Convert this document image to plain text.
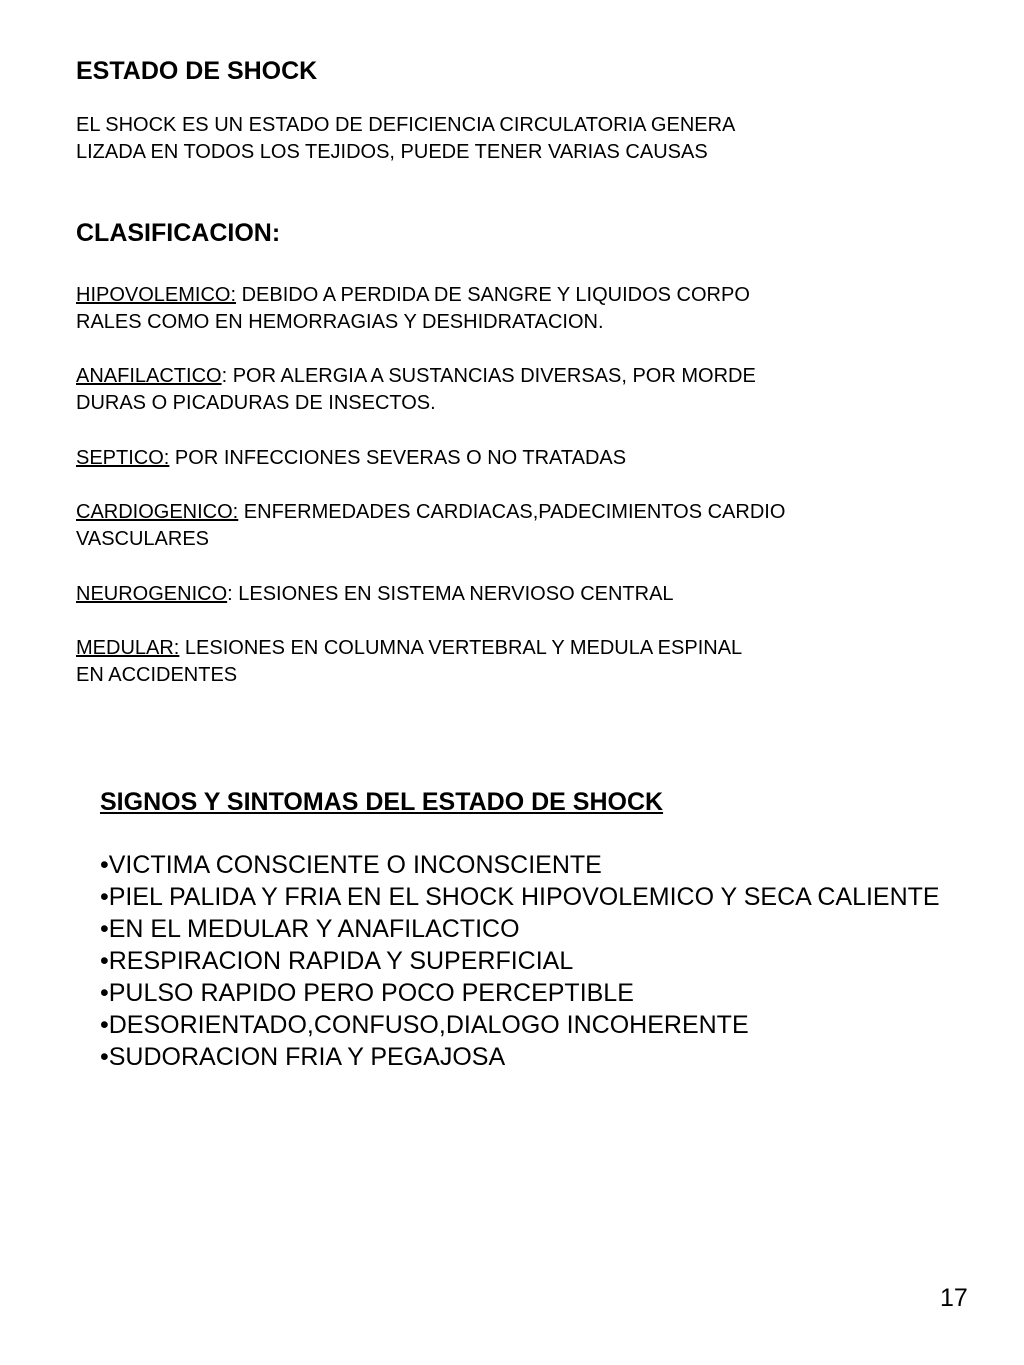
ESTADO DE SHOCK
EL SHOCK ES UN ESTADO DE DEFICIENCIA CIRCULATORIA GENERA
LIZADA EN TODOS LOS TEJIDOS, PUEDE TENER VARIAS CAUSAS
CLASIFICACION:
HIPOVOLEMICO: DEBIDO A PERDIDA DE SANGRE Y LIQUIDOS CORPO
RALES COMO EN HEMORRAGIAS Y DESHIDRATACION.
ANAFILACTICO: POR ALERGIA A SUSTANCIAS DIVERSAS, POR MORDE
DURAS O PICADURAS DE INSECTOS.
SEPTICO: POR INFECCIONES SEVERAS O NO TRATADAS
CARDIOGENICO: ENFERMEDADES CARDIACAS,PADECIMIENTOS CARDIO
VASCULARES
NEUROGENICO: LESIONES EN SISTEMA NERVIOSO CENTRAL
MEDULAR: LESIONES EN COLUMNA VERTEBRAL Y MEDULA ESPINAL
EN ACCIDENTES
SIGNOS Y SINTOMAS DEL ESTADO DE SHOCK
•VICTIMA CONSCIENTE O INCONSCIENTE
•PIEL PALIDA Y FRIA EN EL SHOCK HIPOVOLEMICO Y SECA CALIENTE
•EN EL MEDULAR Y ANAFILACTICO
•RESPIRACION RAPIDA Y SUPERFICIAL
•PULSO RAPIDO PERO POCO PERCEPTIBLE
•DESORIENTADO,CONFUSO,DIALOGO INCOHERENTE
•SUDORACION FRIA Y PEGAJOSA
17
